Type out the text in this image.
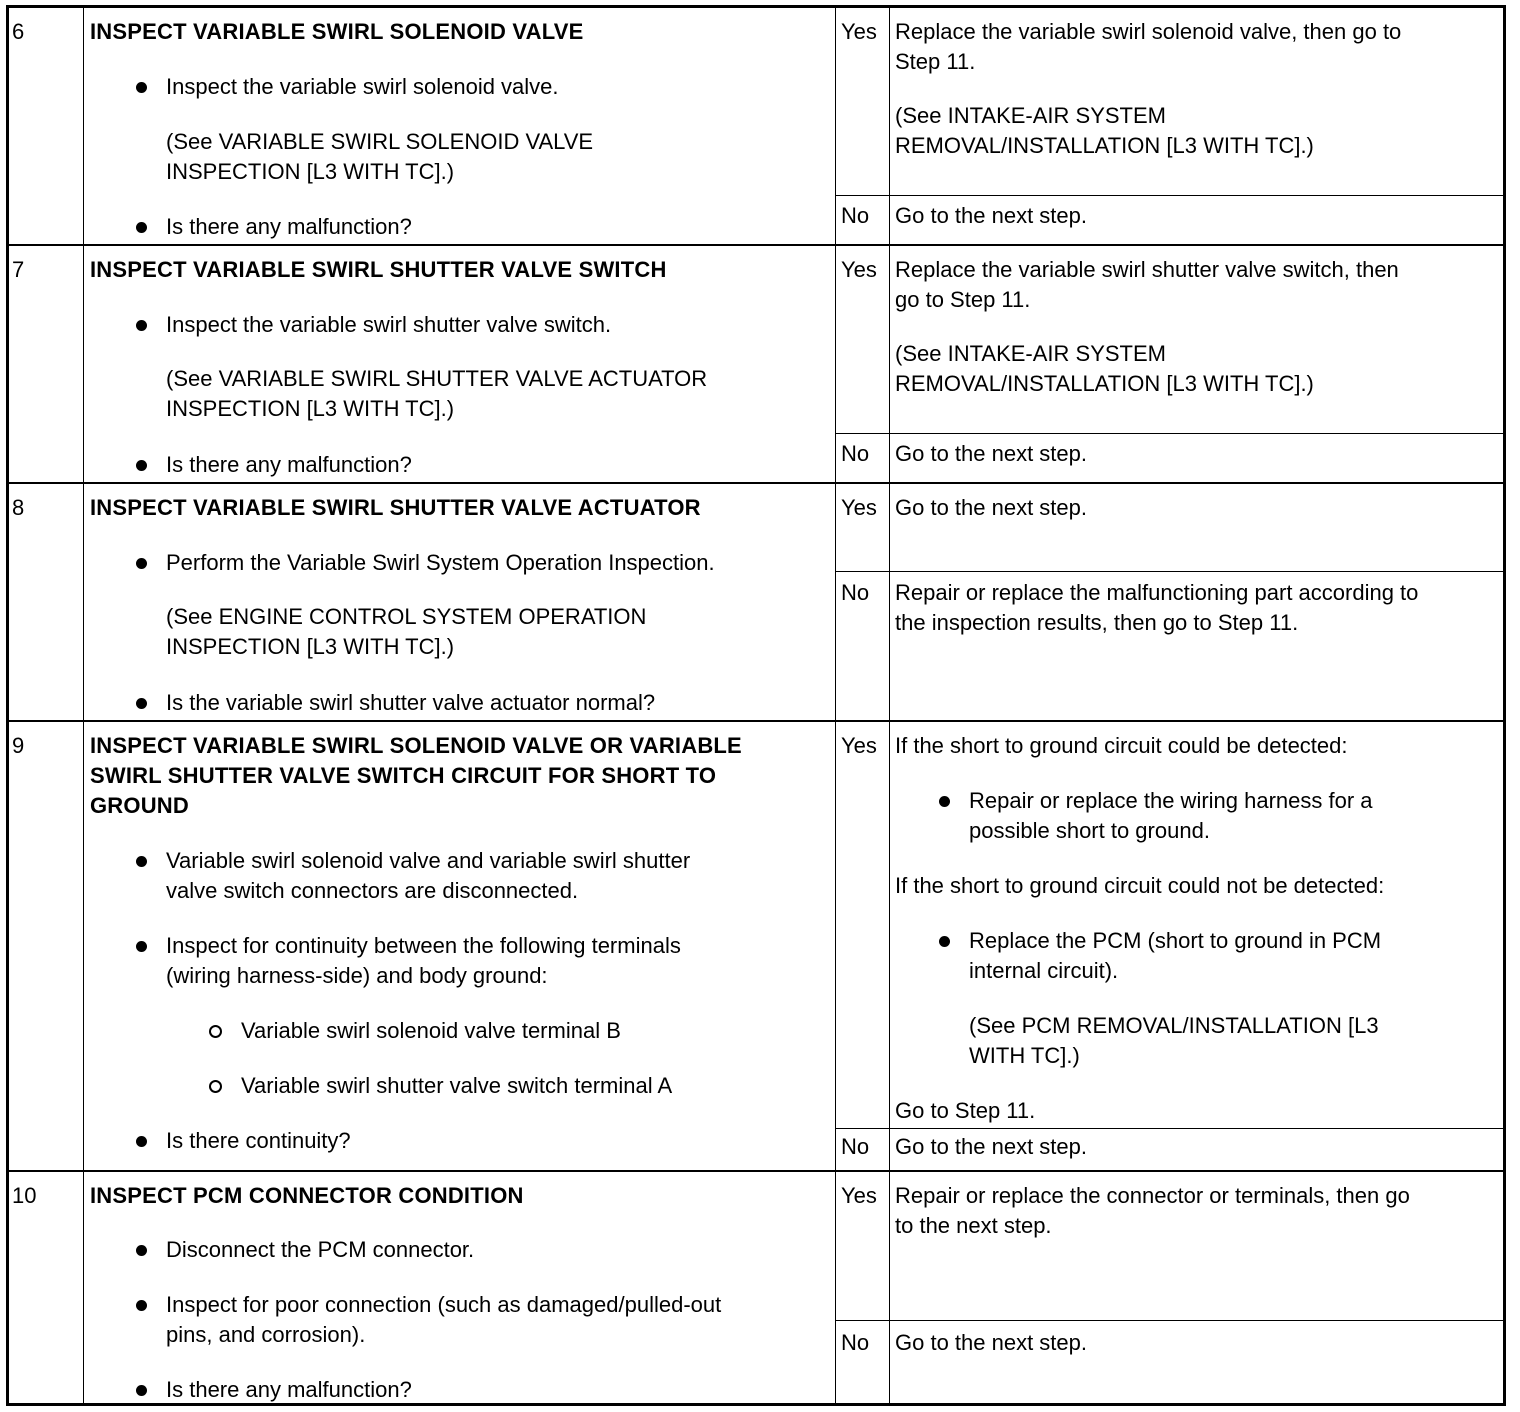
6	INSPECT VARIABLE SWIRL SOLENOID VALVE
Inspect the variable swirl solenoid valve.
(See VARIABLE SWIRL SOLENOID VALVE
INSPECTION [L3 WITH TC].)
Is there any malfunction?
Yes Replace the variable swirl solenoid valve, then go to
Step 11.
(See INTAKE-AIR SYSTEM
REMOVAL/INSTALLATION [L3 WITH TC].)
No Go to the next step.
7	INSPECT VARIABLE SWIRL SHUTTER VALVE SWITCH
Inspect the variable swirl shutter valve switch.
(See VARIABLE SWIRL SHUTTER VALVE ACTUATOR
INSPECTION [L3 WITH TC].)
Is there any malfunction?
Yes Replace the variable swirl shutter valve switch, then
go to Step 11.
(See INTAKE-AIR SYSTEM
REMOVAL/INSTALLATION [L3 WITH TC].)
No Go to the next step.
8	INSPECT VARIABLE SWIRL SHUTTER VALVE ACTUATOR
Perform the Variable Swirl System Operation Inspection.
(See ENGINE CONTROL SYSTEM OPERATION
INSPECTION [L3 WITH TC].)
Is the variable swirl shutter valve actuator normal?
Yes Go to the next step.
No Repair or replace the malfunctioning part according to
the inspection results, then go to Step 11.
9	INSPECT VARIABLE SWIRL SOLENOID VALVE OR VARIABLE
SWIRL SHUTTER VALVE SWITCH CIRCUIT FOR SHORT TO
GROUND
Variable swirl solenoid valve and variable swirl shutter
valve switch connectors are disconnected.
Inspect for continuity between the following terminals
(wiring harness-side) and body ground:
Variable swirl solenoid valve terminal B
Variable swirl shutter valve switch terminal A
Is there continuity?
Yes If the short to ground circuit could be detected:
Repair or replace the wiring harness for a
possible short to ground.
If the short to ground circuit could not be detected:
Replace the PCM (short to ground in PCM
internal circuit).
(See PCM REMOVAL/INSTALLATION [L3
WITH TC].)
Go to Step 11.
No Go to the next step.
10 INSPECT PCM CONNECTOR CONDITION
Disconnect the PCM connector.
Inspect for poor connection (such as damaged/pulled-out
pins, and corrosion).
Is there any malfunction?
Yes Repair or replace the connector or terminals, then go
to the next step.
No Go to the next step.
